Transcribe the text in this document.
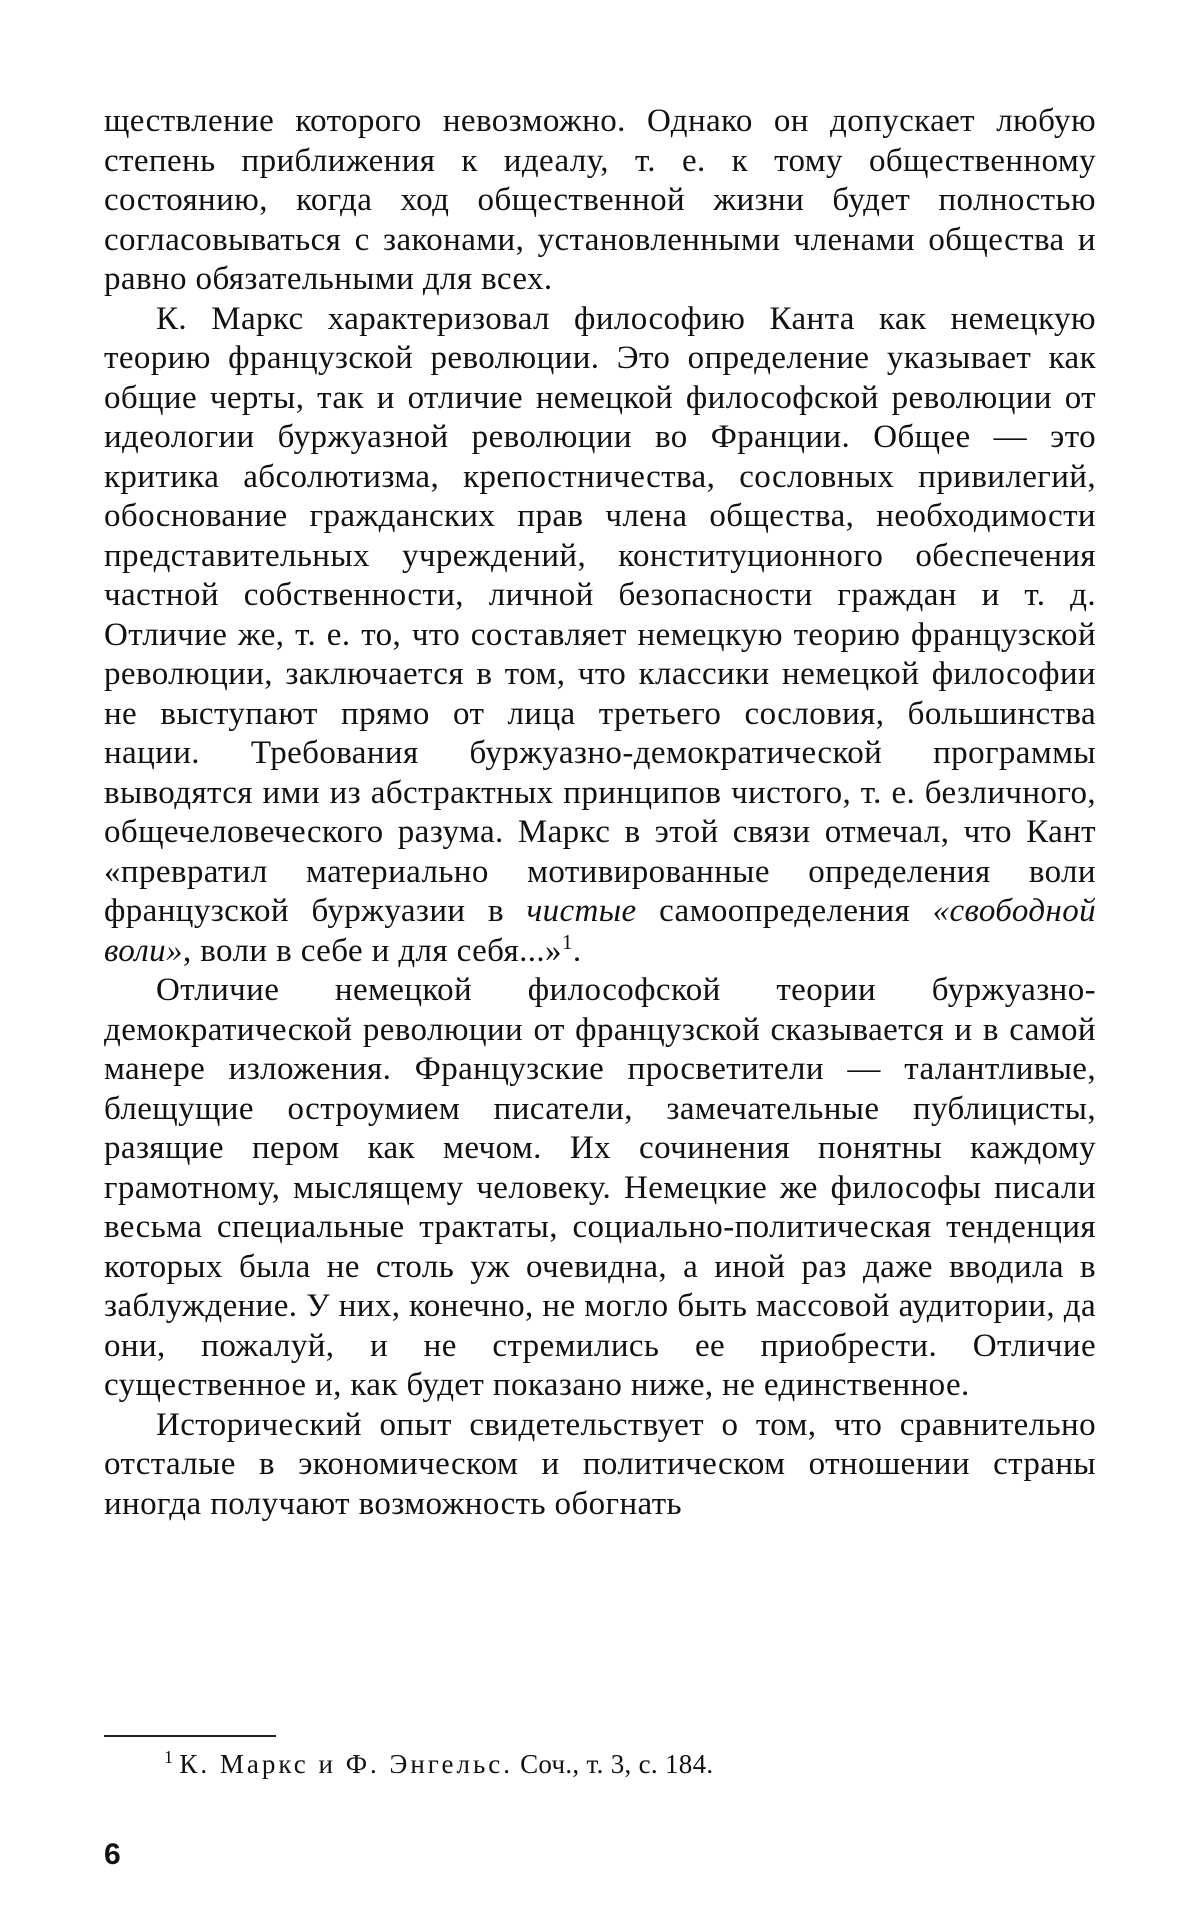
ществление которого невозможно. Однако он допускает любую степень приближения к идеалу, т. е. к тому общественному состоянию, когда ход общественной жизни будет полностью согласовываться с законами, установленными членами общества и равно обязательными для всех.

К. Маркс характеризовал философию Канта как немецкую теорию французской революции. Это определение указывает как общие черты, так и отличие немецкой философской революции от идеологии буржуазной революции во Франции. Общее — это критика абсолютизма, крепостничества, сословных привилегий, обоснование гражданских прав члена общества, необходимости представительных учреждений, конституционного обеспечения частной собственности, личной безопасности граждан и т. д. Отличие же, т. е. то, что составляет немецкую теорию французской революции, заключается в том, что классики немецкой философии не выступают прямо от лица третьего сословия, большинства нации. Требования буржуазно-демократической программы выводятся ими из абстрактных принципов чистого, т. е. безличного, общечеловеческого разума. Маркс в этой связи отмечал, что Кант «превратил материально мотивированные определения воли французской буржуазии в чистые самоопределения «свободной воли», воли в себе и для себя...»$^1$.

Отличие немецкой философской теории буржуазно-демократической революции от французской сказывается и в самой манере изложения. Французские просветители — талантливые, блещущие остроумием писатели, замечательные публицисты, разящие пером как мечом. Их сочинения понятны каждому грамотному, мыслящему человеку. Немецкие же философы писали весьма специальные трактаты, социально-политическая тенденция которых была не столь уж очевидна, а иной раз даже вводила в заблуждение. У них, конечно, не могло быть массовой аудитории, да они, пожалуй, и не стремились ее приобрести. Отличие существенное и, как будет показано ниже, не единственное.

Исторический опыт свидетельствует о том, что сравнительно отсталые в экономическом и политическом отношении страны иногда получают возможность обогнать

$^1$ К. Маркс и Ф. Энгельс. Соч., т. 3, с. 184.
6
